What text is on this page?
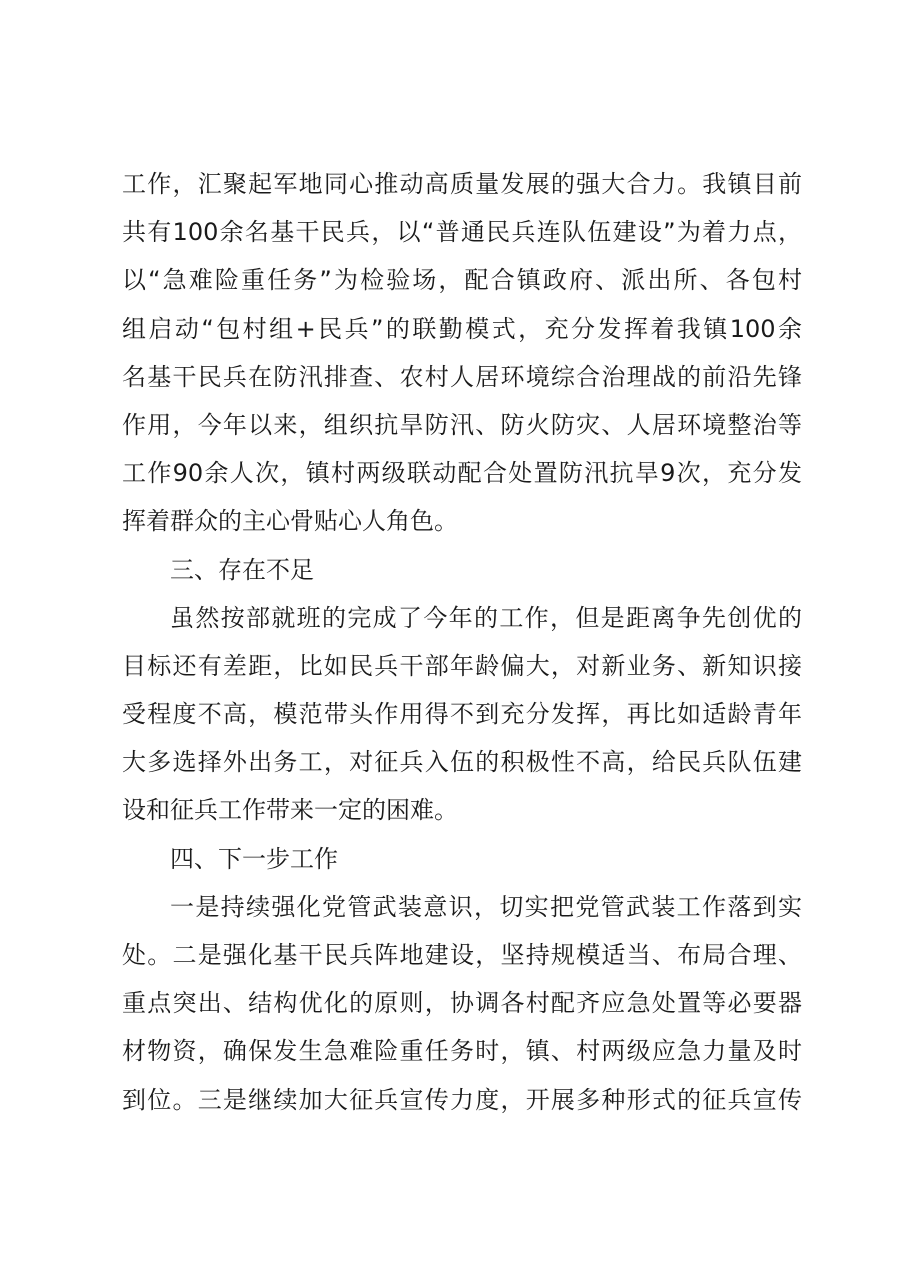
工作，汇聚起军地同心推动高质量发展的强大合力。我镇目前
共有100余名基干民兵，以“普通民兵连队伍建设”为着力点，
以“急难险重任务”为检验场，配合镇政府、派出所、各包村
组启动“包村组+民兵”的联勤模式，充分发挥着我镇100余
名基干民兵在防汛排查、农村人居环境综合治理战的前沿先锋
作用，今年以来，组织抗旱防汛、防火防灾、人居环境整治等
工作90余人次，镇村两级联动配合处置防汛抗旱9次，充分发
挥着群众的主心骨贴心人角色。
三、存在不足
虽然按部就班的完成了今年的工作，但是距离争先创优的
目标还有差距，比如民兵干部年龄偏大，对新业务、新知识接
受程度不高，模范带头作用得不到充分发挥，再比如适龄青年
大多选择外出务工，对征兵入伍的积极性不高，给民兵队伍建
设和征兵工作带来一定的困难。
四、下一步工作
一是持续强化党管武装意识，切实把党管武装工作落到实
处。二是强化基干民兵阵地建设，坚持规模适当、布局合理、
重点突出、结构优化的原则，协调各村配齐应急处置等必要器
材物资，确保发生急难险重任务时，镇、村两级应急力量及时
到位。三是继续加大征兵宣传力度，开展多种形式的征兵宣传
